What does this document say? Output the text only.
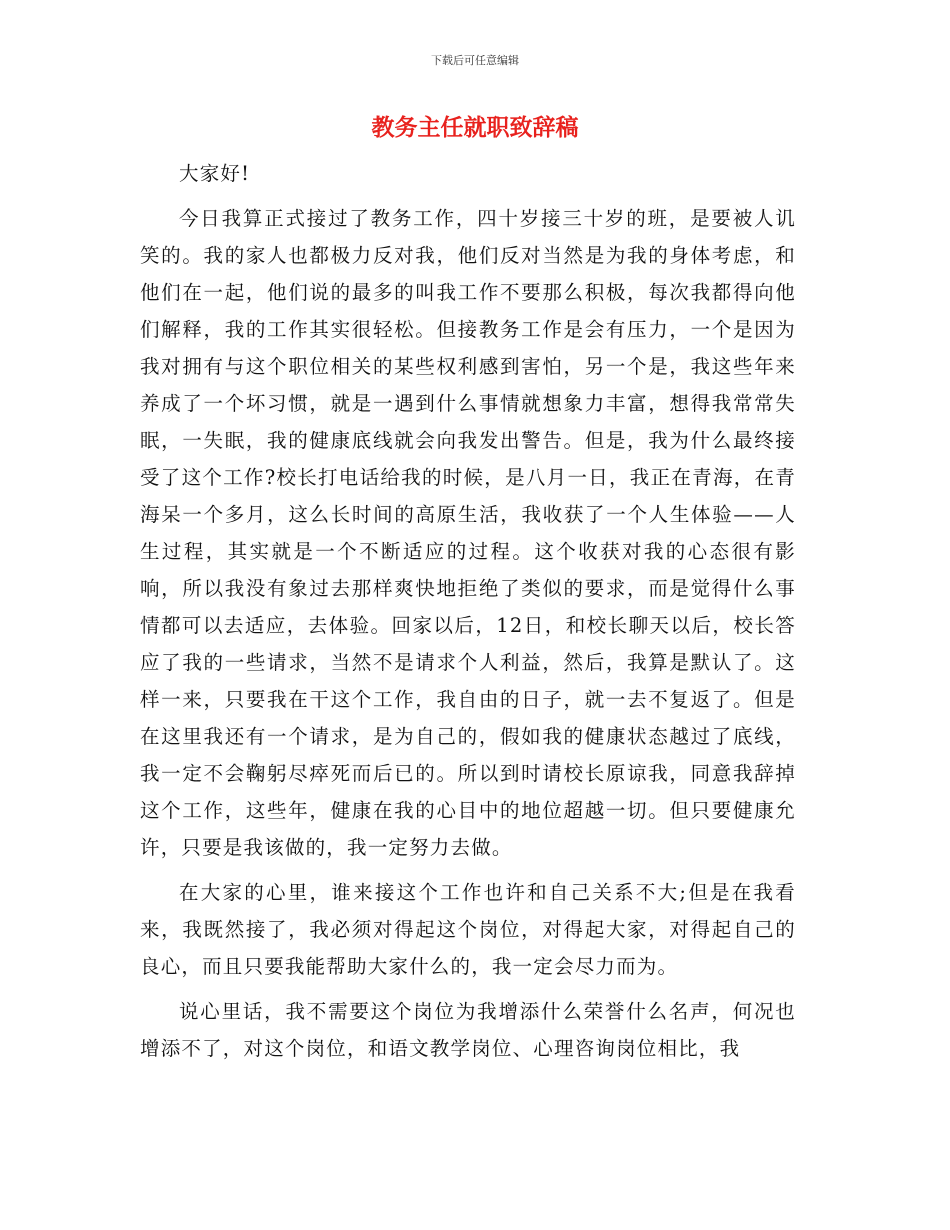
下载后可任意编辑
教务主任就职致辞稿

大家好!

今日我算正式接过了教务工作，四十岁接三十岁的班，是要被人讥笑的。我的家人也都极力反对我，他们反对当然是为我的身体考虑，和他们在一起，他们说的最多的叫我工作不要那么积极，每次我都得向他们解释，我的工作其实很轻松。但接教务工作是会有压力，一个是因为我对拥有与这个职位相关的某些权利感到害怕，另一个是，我这些年来养成了一个坏习惯，就是一遇到什么事情就想象力丰富，想得我常常失眠，一失眠，我的健康底线就会向我发出警告。但是，我为什么最终接受了这个工作?校长打电话给我的时候，是八月一日，我正在青海，在青海呆一个多月，这么长时间的高原生活，我收获了一个人生体验——人生过程，其实就是一个不断适应的过程。这个收获对我的心态很有影响，所以我没有象过去那样爽快地拒绝了类似的要求，而是觉得什么事情都可以去适应，去体验。回家以后，12日，和校长聊天以后，校长答应了我的一些请求，当然不是请求个人利益，然后，我算是默认了。这样一来，只要我在干这个工作，我自由的日子，就一去不复返了。但是在这里我还有一个请求，是为自己的，假如我的健康状态越过了底线，我一定不会鞠躬尽瘁死而后已的。所以到时请校长原谅我，同意我辞掉这个工作，这些年，健康在我的心目中的地位超越一切。但只要健康允许，只要是我该做的，我一定努力去做。

在大家的心里，谁来接这个工作也许和自己关系不大;但是在我看来，我既然接了，我必须对得起这个岗位，对得起大家，对得起自己的良心，而且只要我能帮助大家什么的，我一定会尽力而为。

说心里话，我不需要这个岗位为我增添什么荣誉什么名声，何况也增添不了，对这个岗位，和语文教学岗位、心理咨询岗位相比，我
